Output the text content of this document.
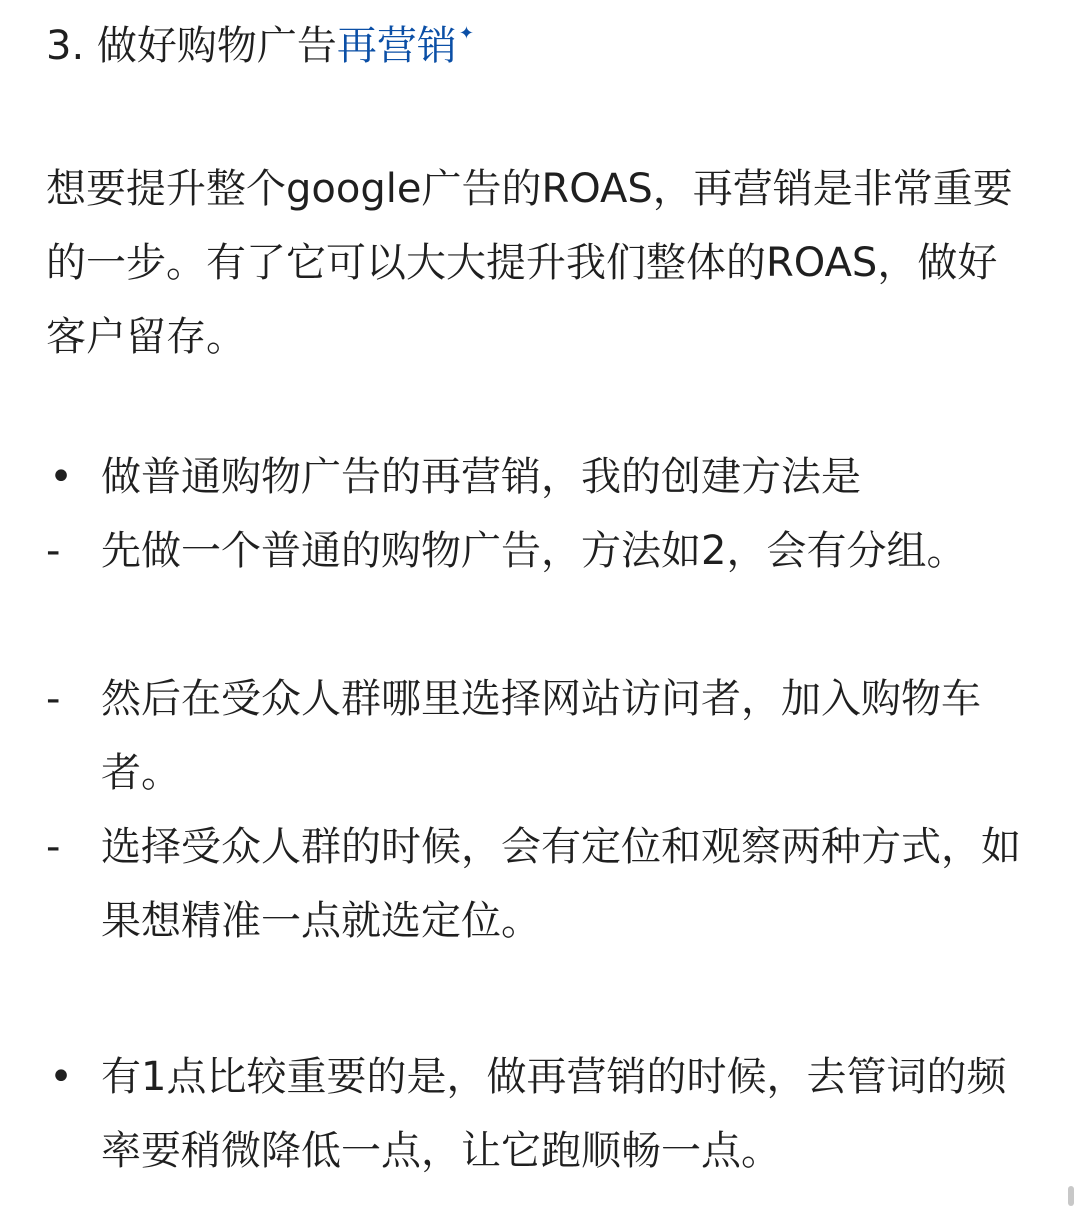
3. 做好购物广告再营销 ✦

想要提升整个google广告的ROAS，再营销是非常重要的一步。有了它可以大大提升我们整体的ROAS，做好客户留存。

• 做普通购物广告的再营销，我的创建方法是
- 先做一个普通的购物广告，方法如2，会有分组。
- 然后在受众人群哪里选择网站访问者，加入购物车者。
- 选择受众人群的时候，会有定位和观察两种方式，如果想精准一点就选定位。
• 有1点比较重要的是，做再营销的时候，去管词的频率要稍微降低一点，让它跑顺畅一点。
